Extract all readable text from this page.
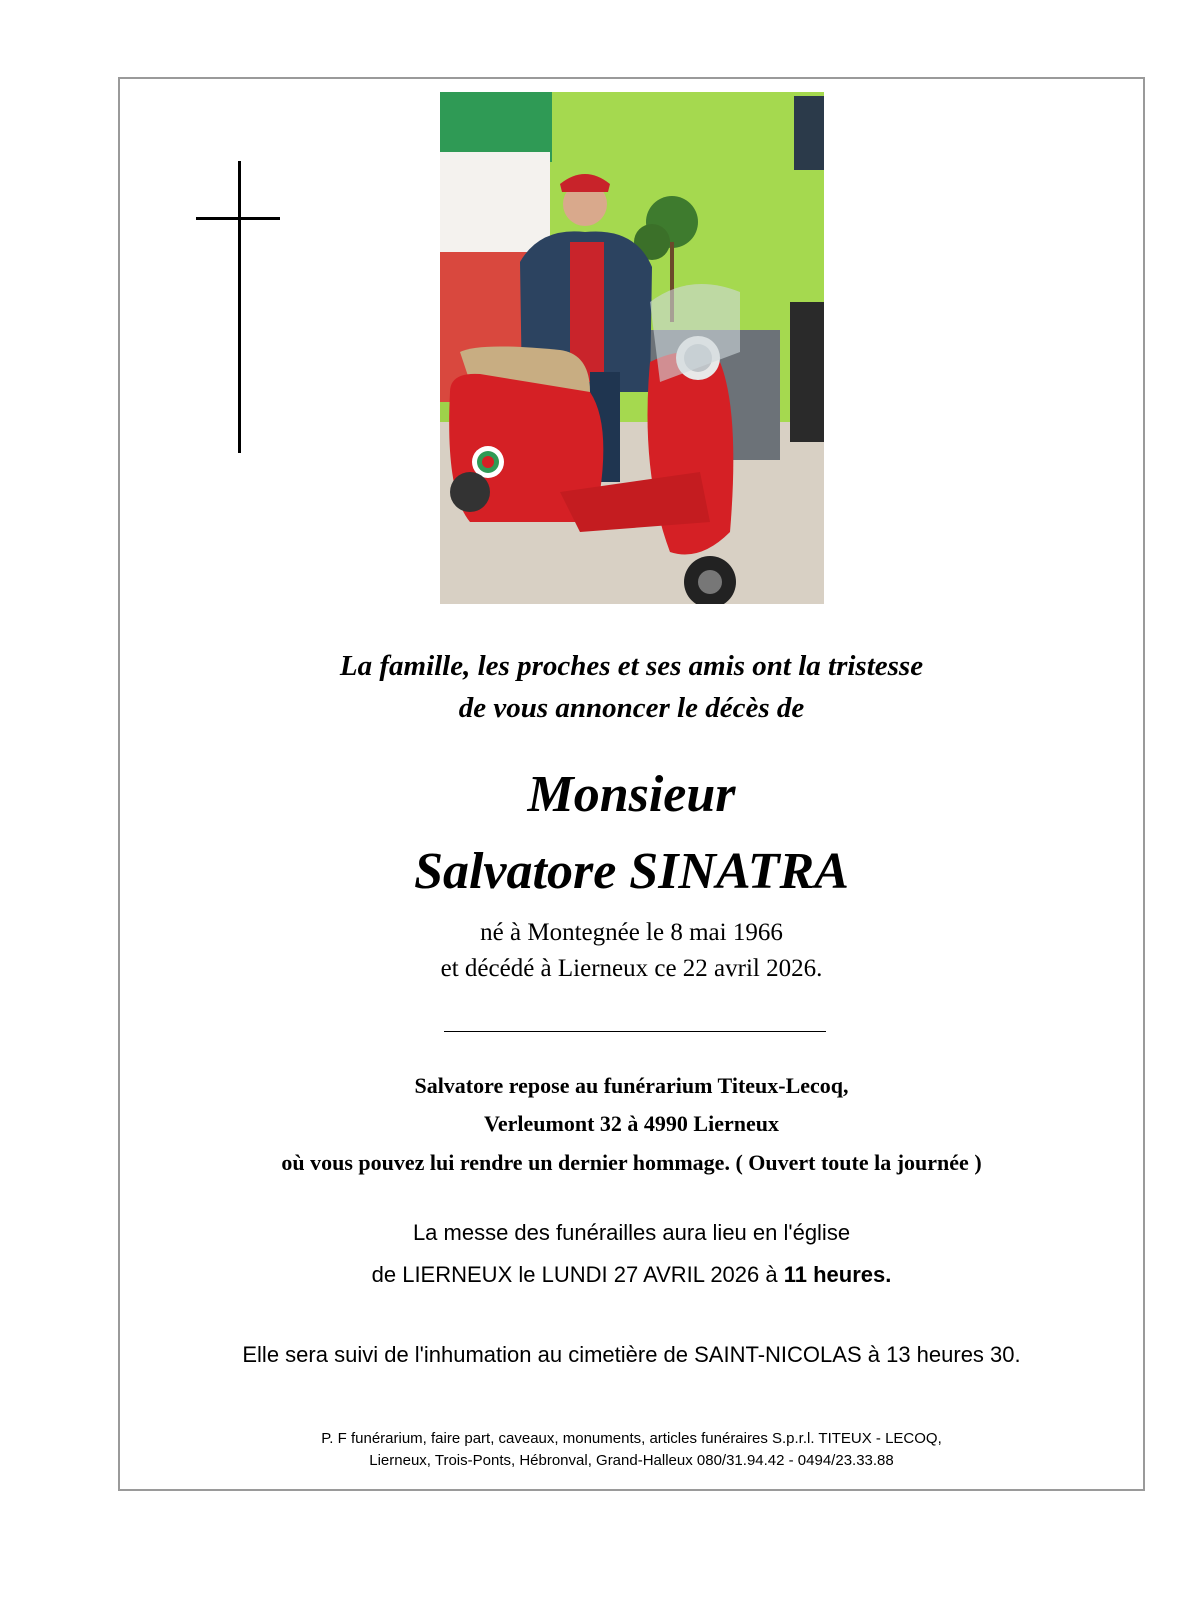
La famille, les proches et ses amis ont la tristesse
de vous annoncer le décès de
Monsieur
Salvatore SINATRA
né à Montegnée le 8 mai 1966
et décédé à Lierneux ce 22 avril 2026.
Salvatore repose au funérarium Titeux-Lecoq,
Verleumont 32 à 4990 Lierneux
où vous pouvez lui rendre un dernier hommage. ( Ouvert toute la journée )
La messe des funérailles aura lieu en l'église
de LIERNEUX le LUNDI 27 AVRIL 2026 à 11 heures.
Elle sera suivi de l'inhumation au cimetière de SAINT-NICOLAS à 13 heures 30.
P. F funérarium, faire part, caveaux, monuments, articles funéraires S.p.r.l. TITEUX - LECOQ,
Lierneux, Trois-Ponts, Hébronval, Grand-Halleux 080/31.94.42 - 0494/23.33.88
